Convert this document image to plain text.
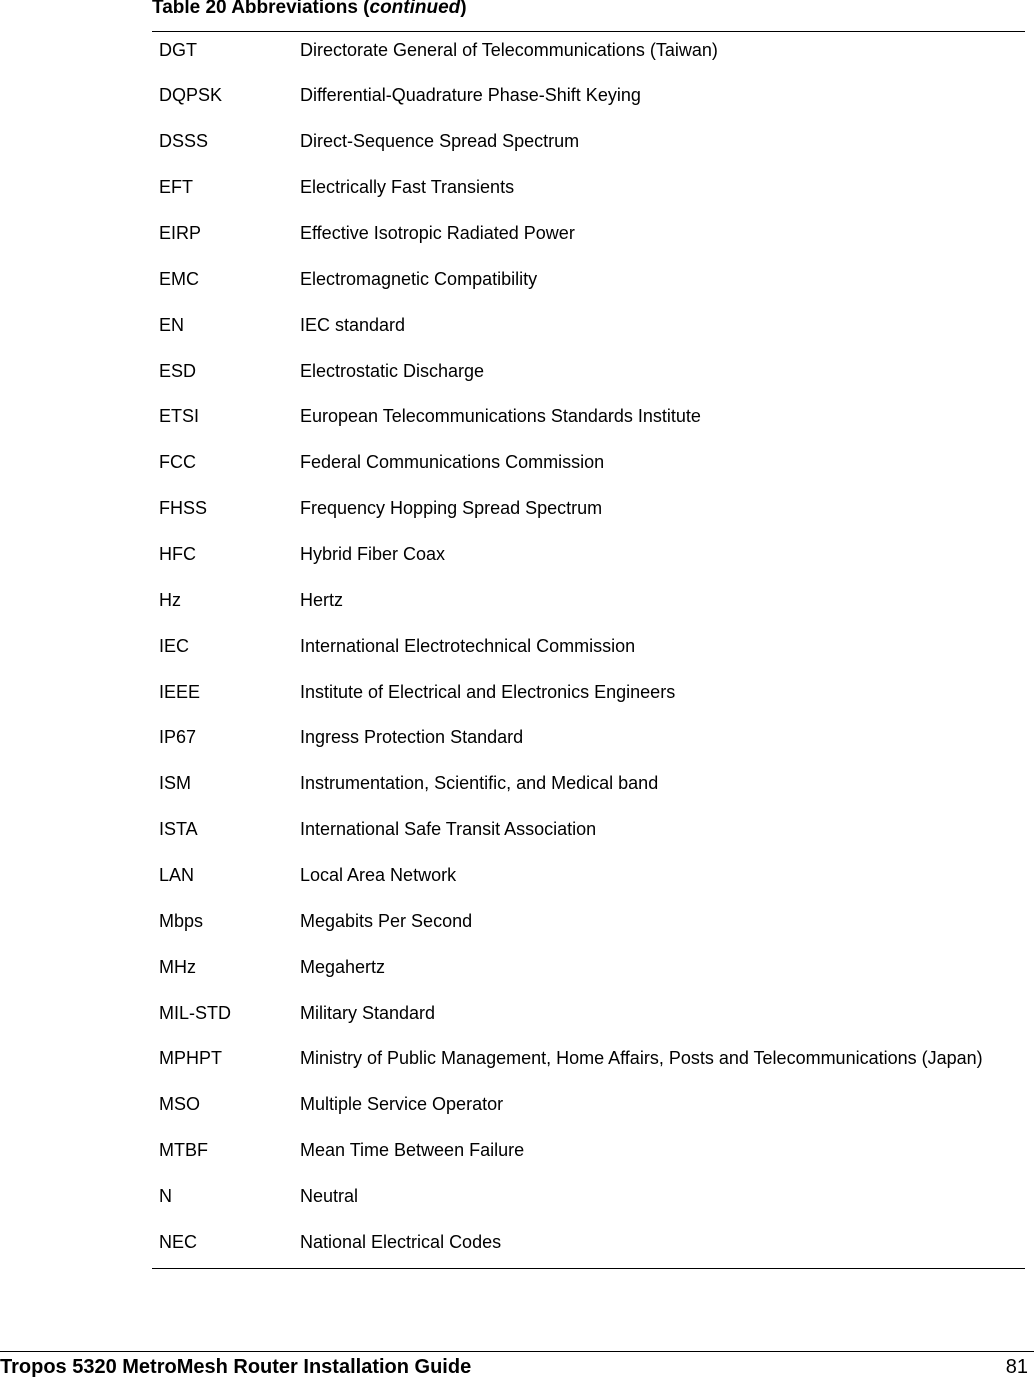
Table 20 Abbreviations (continued)
DGT	Directorate General of Telecommunications (Taiwan)
DQPSK	Differential-Quadrature Phase-Shift Keying
DSSS	Direct-Sequence Spread Spectrum
EFT	Electrically Fast Transients
EIRP	Effective Isotropic Radiated Power
EMC	Electromagnetic Compatibility
EN	IEC standard
ESD	Electrostatic Discharge
ETSI	European Telecommunications Standards Institute
FCC	Federal Communications Commission
FHSS	Frequency Hopping Spread Spectrum
HFC	Hybrid Fiber Coax
Hz	Hertz
IEC	International Electrotechnical Commission
IEEE	Institute of Electrical and Electronics Engineers
IP67	Ingress Protection Standard
ISM	Instrumentation, Scientific, and Medical band
ISTA	International Safe Transit Association
LAN	Local Area Network
Mbps	Megabits Per Second
MHz	Megahertz
MIL-STD	Military Standard
MPHPT	Ministry of Public Management, Home Affairs, Posts and Telecommunications (Japan)
MSO	Multiple Service Operator
MTBF	Mean Time Between Failure
N	Neutral
NEC	National Electrical Codes
Tropos 5320 MetroMesh Router Installation Guide	81
